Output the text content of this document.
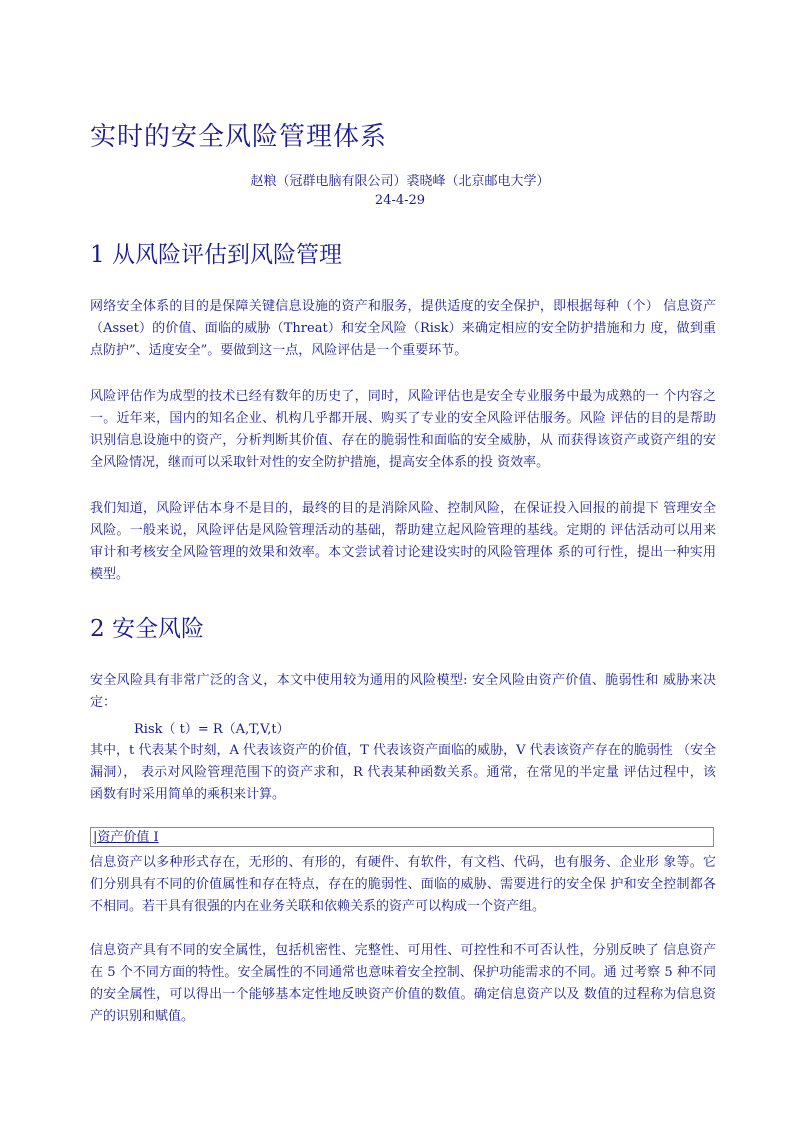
实时的安全风险管理体系
赵粮（冠群电脑有限公司）裘晓峰（北京邮电大学）
24-4-29
1 从风险评估到风险管理

网络安全体系的目的是保障关键信息设施的资产和服务，提供适度的安全保护，即根据每种（个） 信息资产（Asset）的价值、面临的威胁（Threat）和安全风险（Risk）来确定相应的安全防护措施和力 度，做到重点防护”、适度安全”。要做到这一点，风险评估是一个重要环节。

风险评估作为成型的技术已经有数年的历史了，同时，风险评估也是安全专业服务中最为成熟的一 个内容之一。近年来，国内的知名企业、机构几乎都开展、购买了专业的安全风险评估服务。风险 评估的目的是帮助识别信息设施中的资产，分析判断其价值、存在的脆弱性和面临的安全威胁，从 而获得该资产或资产组的安全风险情况，继而可以采取针对性的安全防护措施，提高安全体系的投 资效率。

我们知道，风险评估本身不是目的，最终的目的是消除风险、控制风险，在保证投入回报的前提下 管理安全风险。一般来说，风险评估是风险管理活动的基础，帮助建立起风险管理的基线。定期的 评估活动可以用来审计和考核安全风险管理的效果和效率。本文尝试着讨论建设实时的风险管理体 系的可行性，提出一种实用模型。

2 安全风险

安全风险具有非常广泛的含义，本文中使用较为通用的风险模型: 安全风险由资产价值、脆弱性和 威胁来决定：

Risk（ t）= R（A,T,V,t）

其中，t 代表某个时刻，A 代表该资产的价值，T 代表该资产面临的威胁，V 代表该资产存在的脆弱性 （安全漏洞）， 表示对风险管理范围下的资产求和，R 代表某种函数关系。通常，在常见的半定量 评估过程中，该函数有时采用简单的乘积来计算。

|资产价值 I

信息资产以多种形式存在，无形的、有形的，有硬件、有软件，有文档、代码，也有服务、企业形 象等。它们分别具有不同的价值属性和存在特点，存在的脆弱性、面临的威胁、需要进行的安全保 护和安全控制都各不相同。若干具有很强的内在业务关联和依赖关系的资产可以构成一个资产组。

信息资产具有不同的安全属性，包括机密性、完整性、可用性、可控性和不可否认性，分别反映了 信息资产在 5 个不同方面的特性。安全属性的不同通常也意味着安全控制、保护功能需求的不同。通 过考察 5 种不同的安全属性，可以得出一个能够基本定性地反映资产价值的数值。确定信息资产以及 数值的过程称为信息资产的识别和赋值。
